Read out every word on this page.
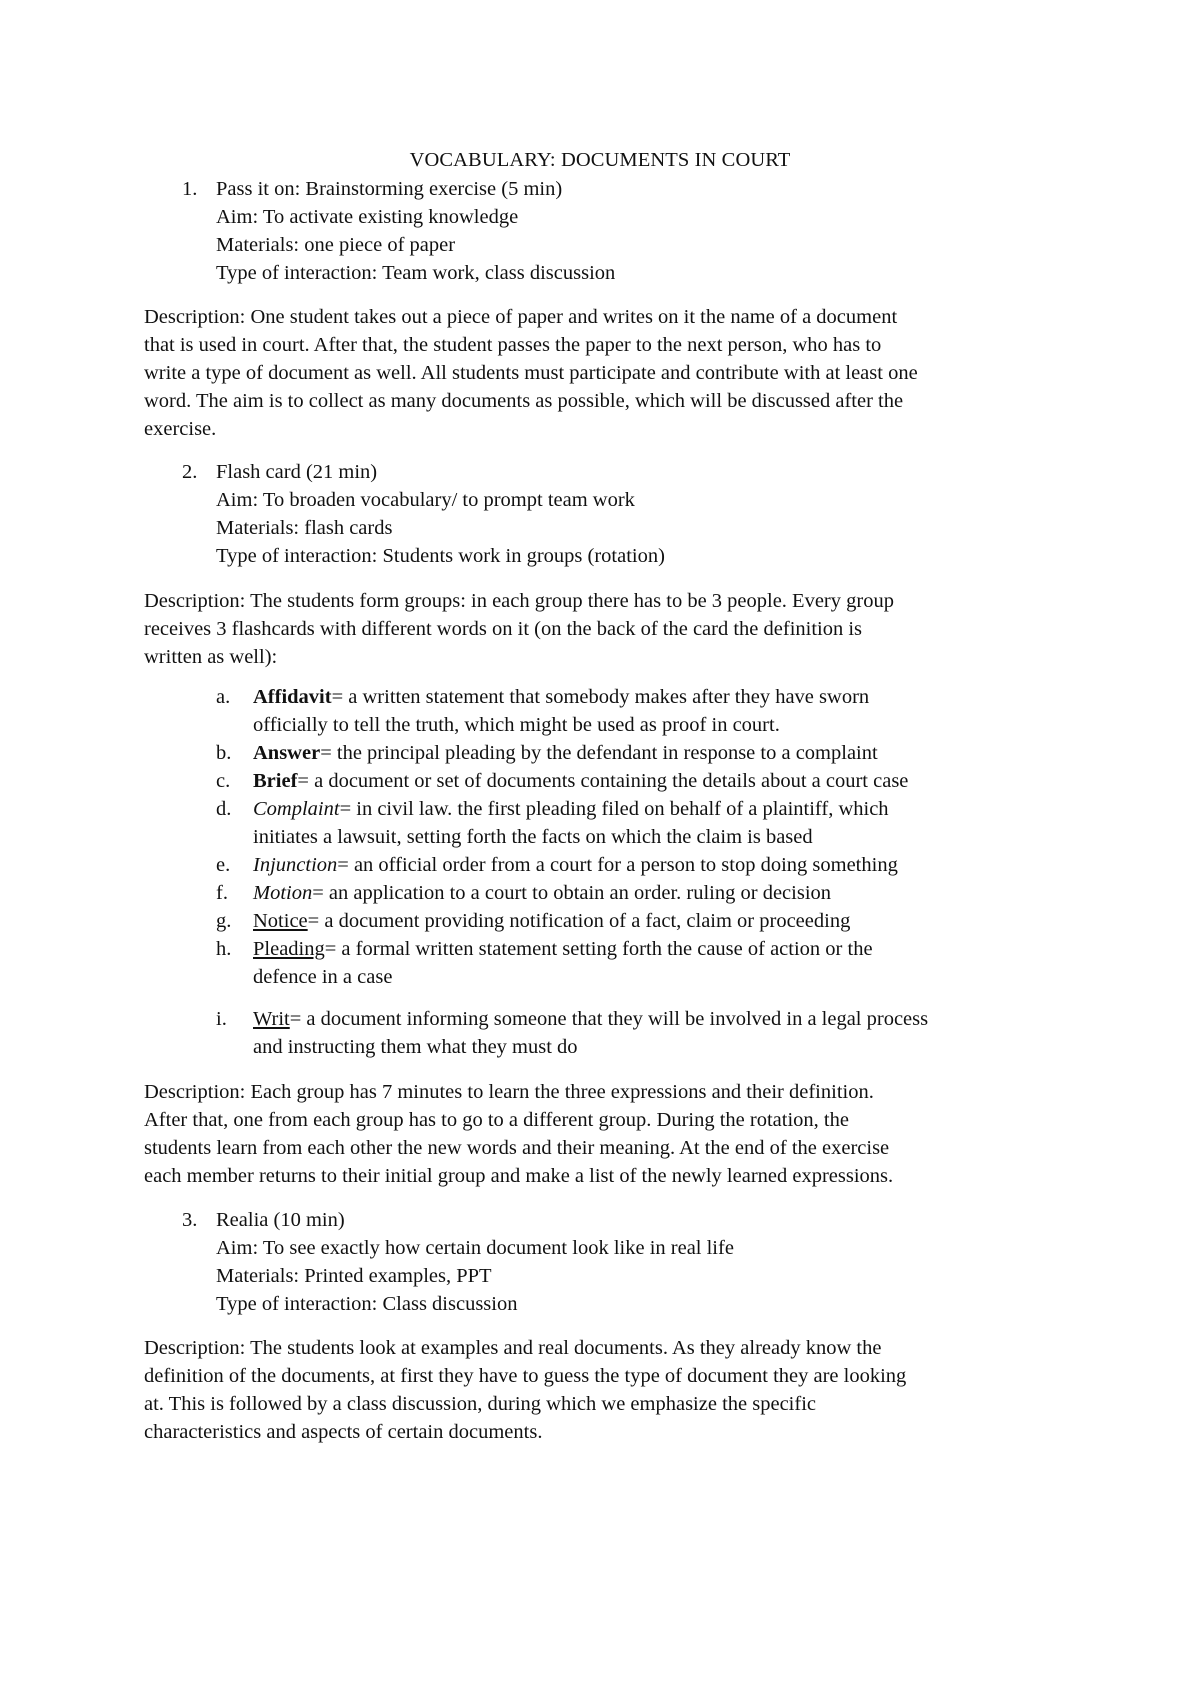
VOCABULARY: DOCUMENTS IN COURT
1. Pass it on: Brainstorming exercise (5 min)
Aim: To activate existing knowledge
Materials: one piece of paper
Type of interaction: Team work, class discussion
Description: One student takes out a piece of paper and writes on it the name of a document
that is used in court. After that, the student passes the paper to the next person, who has to
write a type of document as well. All students must participate and contribute with at least one
word. The aim is to collect as many documents as possible, which will be discussed after the
exercise.
2. Flash card (21 min)
Aim: To broaden vocabulary/ to prompt team work
Materials: flash cards
Type of interaction: Students work in groups (rotation)
Description: The students form groups: in each group there has to be 3 people. Every group
receives 3 flashcards with different words on it (on the back of the card the definition is
written as well):
a. Affidavit= a written statement that somebody makes after they have sworn
officially to tell the truth, which might be used as proof in court.
b. Answer= the principal pleading by the defendant in response to a complaint
c. Brief= a document or set of documents containing the details about a court case
d. Complaint= in civil law. the first pleading filed on behalf of a plaintiff, which
initiates a lawsuit, setting forth the facts on which the claim is based
e. Injunction= an official order from a court for a person to stop doing something
f. Motion= an application to a court to obtain an order. ruling or decision
g. Notice= a document providing notification of a fact, claim or proceeding
h. Pleading= a formal written statement setting forth the cause of action or the
defence in a case
i. Writ= a document informing someone that they will be involved in a legal process
and instructing them what they must do
Description: Each group has 7 minutes to learn the three expressions and their definition.
After that, one from each group has to go to a different group. During the rotation, the
students learn from each other the new words and their meaning. At the end of the exercise
each member returns to their initial group and make a list of the newly learned expressions.
3. Realia (10 min)
Aim: To see exactly how certain document look like in real life
Materials: Printed examples, PPT
Type of interaction: Class discussion
Description: The students look at examples and real documents. As they already know the
definition of the documents, at first they have to guess the type of document they are looking
at. This is followed by a class discussion, during which we emphasize the specific
characteristics and aspects of certain documents.
